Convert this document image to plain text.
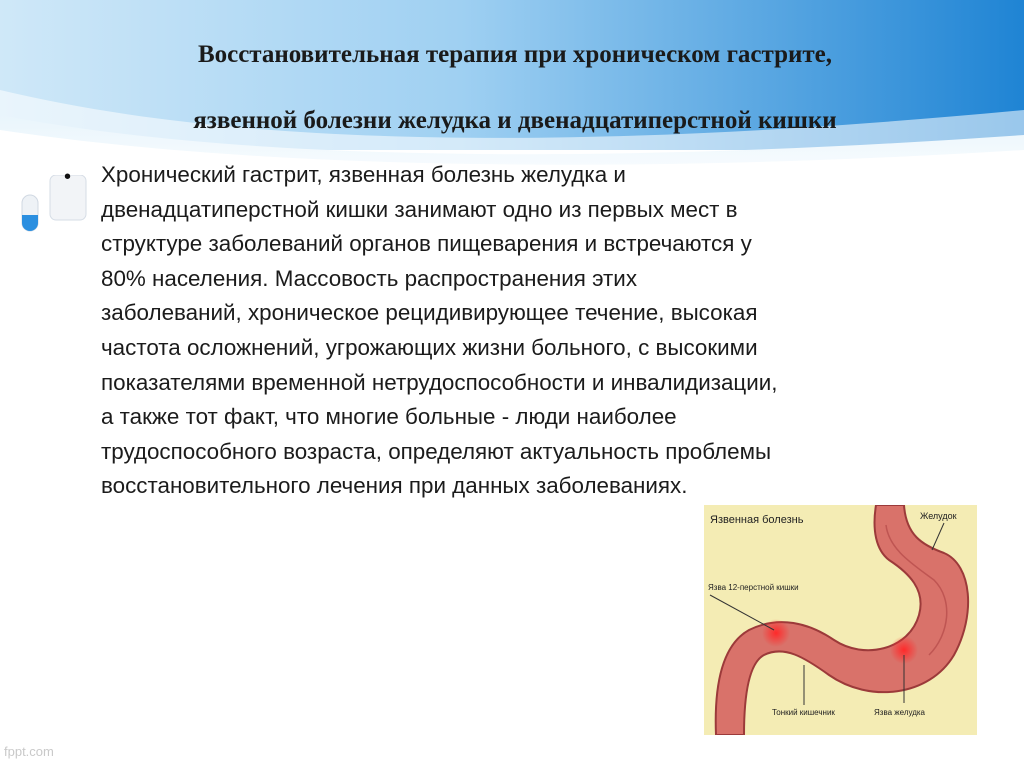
Восстановительная терапия при хроническом гастрите,
язвенной болезни желудка и двенадцатиперстной кишки
• Хронический гастрит, язвенная болезнь желудка и
двенадцатиперстной кишки занимают одно из первых мест в
структуре заболеваний органов пищеварения и встречаются у
80% населения. Массовость распространения этих
заболеваний, хроническое рецидивирующее течение, высокая
частота осложнений, угрожающих жизни больного, с высокими
показателями временной нетрудоспособности и инвалидизации,
а также тот факт, что многие больные - люди наиболее
трудоспособного возраста, определяют актуальность проблемы
восстановительного лечения при данных заболеваниях.

Язвенная болезнь	Желудок
Язва 12-перстной кишки
Тонкий кишечник	Язва желудка
fppt.com
